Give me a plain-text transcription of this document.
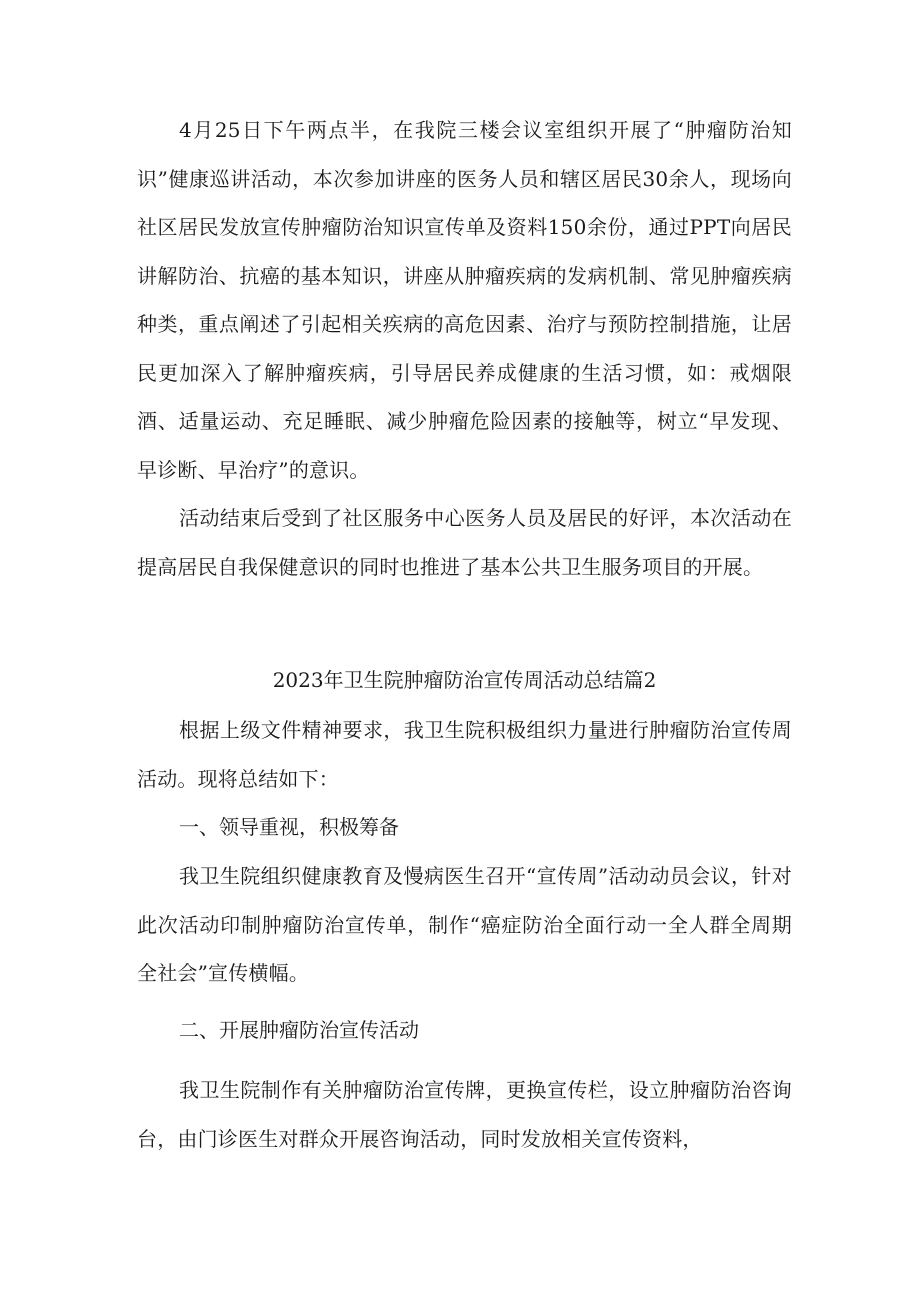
4月25日下午两点半，在我院三楼会议室组织开展了“肿瘤防治知识”健康巡讲活动，本次参加讲座的医务人员和辖区居民30余人，现场向社区居民发放宣传肿瘤防治知识宣传单及资料150余份，通过PPT向居民讲解防治、抗癌的基本知识，讲座从肿瘤疾病的发病机制、常见肿瘤疾病种类，重点阐述了引起相关疾病的高危因素、治疗与预防控制措施，让居民更加深入了解肿瘤疾病，引导居民养成健康的生活习惯，如：戒烟限酒、适量运动、充足睡眠、减少肿瘤危险因素的接触等，树立“早发现、早诊断、早治疗”的意识。

活动结束后受到了社区服务中心医务人员及居民的好评，本次活动在提高居民自我保健意识的同时也推进了基本公共卫生服务项目的开展。

2023年卫生院肿瘤防治宣传周活动总结篇2

根据上级文件精神要求，我卫生院积极组织力量进行肿瘤防治宣传周活动。现将总结如下：

一、领导重视，积极筹备

我卫生院组织健康教育及慢病医生召开“宣传周”活动动员会议，针对此次活动印制肿瘤防治宣传单，制作“癌症防治全面行动一全人群全周期全社会”宣传横幅。

二、开展肿瘤防治宣传活动

我卫生院制作有关肿瘤防治宣传牌，更换宣传栏，设立肿瘤防治咨询台，由门诊医生对群众开展咨询活动，同时发放相关宣传资料，
